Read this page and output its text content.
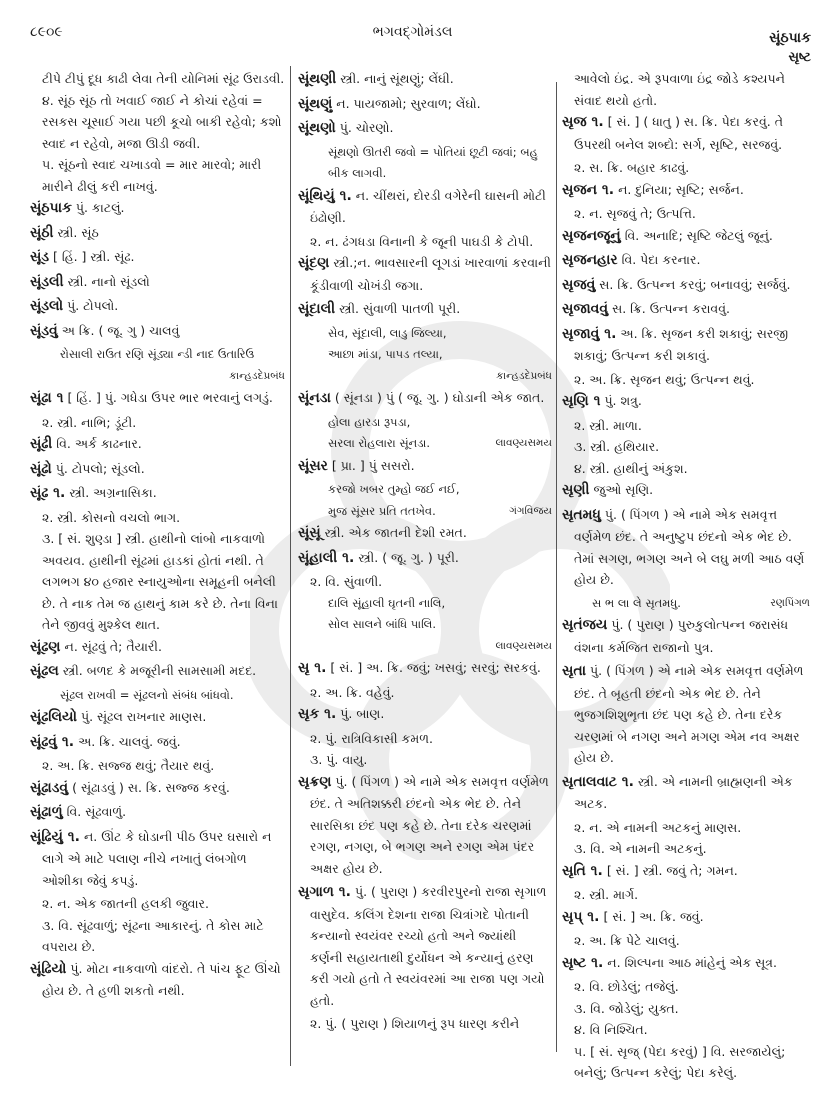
૮૯૦૯	ભગવદ્ગોમંડલ	સૂંઠપાક
સૃષ્ટ
ટીપે ટીપું દૂધ કાઢી લેવા તેની યોનિમાં સૂંઢ ઉરાડવી.
૪. સૂંઠ સૂંઠ તો ખવાઈ જાઈ ને કોચાં રહેવાં = રસકસ ચૂસાઈ ગયા પછી કૂચો બાકી રહેવો; કશો સ્વાદ ન રહેવો, મજા ઊડી જવી.
૫. સૂંઠનો સ્વાદ ચખાડવો = માર મારવો; મારી મારીને ઢીલું કરી નાખવું.
સૂંઠપાક પું. કાટલું.
સૂંઠી સ્ત્રી. સૂંઠ
સૂંડ [ હિં. ] સ્ત્રી. સૂંઢ.
સૂંડલી સ્ત્રી. નાનો સૂંડલો
સૂંડલો પું. ટોપલો.
સૂંડવું અ ક્રિ. ( જૂ. ગુ ) ચાલવું
રોસાલી રાઉત રણિ સૂંડ્યા ન્ડી નાદ ઉતારિઉ
કાન્હડદેપ્રબંધ
સૂંઢા ૧ [ હિં. ] પું. ગધેડા ઉપર ભાર ભરવાનું લગડું.
૨. સ્ત્રી. નાભિ; ડૂંટી.
સૂંઢી વિ. અર્ક કાઢનાર.
સૂંઢો પું. ટોપલો; સૂંડલો.
સૂંઢ ૧. સ્ત્રી. અગ્રનાસિકા.
૨. સ્ત્રી. કોસનો વચલો ભાગ.
૩. [ સં. શુણ્ડા ] સ્ત્રી. હાથીનો લાંબો નાકવાળો અવયવ. હાથીની સૂંઢમાં હાડકાં હોતાં નથી. તે લગભગ ૪૦ હજાર સ્નાયુઓના સમૂહની બનેલી છે. તે નાક તેમ જ હાથનું કામ કરે છે. તેના વિના તેને જીવવું મુશ્કેલ થાત.
સૂંઢણ ન. સૂંઢવું તે; તૈયારી.
સૂંઢલ સ્ત્રી. બળદ કે મજૂરીની સામસામી મદદ.
સૂંઢલ રાખવી = સૂંઢલનો સંબંધ બાંધવો.
સૂંઢલિયો પું. સૂંઢલ રાખનાર માણસ.
સૂંઢવું ૧. અ. ક્રિ. ચાલવું. જવું.
૨. અ. ક્રિ. સજ્જ થવું; તૈયાર થવું.
સૂંઢાડવું ( સૂંઢાડવું ) સ. ક્રિ. સજ્જ કરવું.
સૂંઢાળું વિ. સૂંઢવાળું.
સૂંઢિયું ૧. ન. ઊંટ કે ઘોડાની પીઠ ઉપર ઘસારો ન લાગે એ માટે પલાણ નીચે નખાતું લંબગોળ ઓશીકા જેવું કપડું.
૨. ન. એક જાતની હલકી જુવાર.
૩. વિ. સૂંઢવાળું; સૂંઢના આકારનું. તે કોસ માટે વપરાય છે.
સૂંઢિયો પું. મોટા નાકવાળો વાંદરો. તે પાંચ ફૂટ ઊંચો હોય છે. તે હળી શકતો નથી.
સૂંથણી સ્ત્રી. નાનું સૂંથણું; લેંઘી.
સૂંથણું ન. પાયજામો; સુરવાળ; લેંઘો.
સૂંથણો પું. ચોરણો.
સૂંથણો ઊતરી જવો = પોતિયાં છૂટી જવાં; બહુ બીક લાગવી.
સૂંથિયું ૧. ન. ચીંથરાં, દોરડી વગેરેની ઘાસની મોટી ઇંઢોણી.
૨. ન. ઢંગધડા વિનાની કે જૂની પાઘડી કે ટોપી.
સૂંદણ સ્ત્રી.;ન. ભાવસારની લૂગડાં ખારવાળાં કરવાની કૂંડીવાળી ચોખંડી જગા.
સૂંદાલી સ્ત્રી. સુંવાળી પાતળી પૂરી.
સેવ, સૂંદાલી, લાડુ જિલ્યા,
આછા માંડા, પાપડ તલ્યા,
કાન્હડદેપ્રબંધ
સૂંનડા ( સૂંનડા ) પું ( જૂ. ગુ. ) ઘોડાની એક જાત.
હોલા હારડા રૂપડા,
સરલા રોહલારા સૂંનડા.	લાવણ્યસમય
સૂંસર [ પ્રા. ] પું સસરો.
કરજો ખબર તુમ્હો જઈ નઈ,
મુજ સૂંસર પ્રતિ તતખેવ.	ગંગવિજય
સૂંસૂં સ્ત્રી. એક જાતની દેશી રમત.
સૂંહાલી ૧. સ્ત્રી. ( જૂ. ગુ. ) પૂરી.
૨. વિ. સુંવાળી.
દાલિ સૂંહાલી ઘૃતની નાલિ,
સોલ સાલને બાંધિ પાલિ.
લાવણ્યસમય
સૃ ૧. [ સં. ] અ. ક્રિ. જવું; ખસવું; સરવું; સરકવું.
૨. અ. ક્રિ. વહેવું.
સૃક ૧. પું. બાણ.
૨. પું. રાત્રિવિકાસી કમળ.
૩. પું. વાયુ.
સૃક્રણ પું. ( પિંગળ ) એ નામે એક સમવૃત્ત વર્ણમેળ છંદ. તે અતિશક્કરી છંદનો એક ભેદ છે. તેને સારસિકા છંદ પણ કહે છે. તેના દરેક ચરણમાં રગણ, નગણ, બે ભગણ અને રગણ એમ પંદર અક્ષર હોય છે.
સૃગાળ ૧. પું. ( પુરાણ ) કરવીરપુરનો રાજા સૃગાળ વાસુદેવ. કલિંગ દેશના રાજા ચિત્રાંગદે પોતાની કન્યાનો સ્વયંવર રચ્યો હતો અને જ્યાંથી કર્ણની સહાયતાથી દુર્યોધન એ કન્યાનું હરણ કરી ગયો હતો તે સ્વયંવરમાં આ રાજા પણ ગયો હતો.
૨. પું. ( પુરાણ ) શિયાળનું રૂપ ધારણ કરીને
આવેલો ઇંદ્ર. એ રૂપવાળા ઇંદ્ર જોડે કશ્યપને સંવાદ થયો હતો.
સૃજ ૧. [ સં. ] ( ધાતુ ) સ. ક્રિ. પેદા કરવું. તે ઉપરથી બનેલ શબ્દો: સર્ગ, સૃષ્ટિ, સરજવું.
૨. સ. ક્રિ. બહાર કાઢવું.
સૃજન ૧. ન. દુનિયા; સૃષ્ટિ; સર્જન.
૨. ન. સૃજવું તે; ઉત્પત્તિ.
સૃજનજૂનું વિ. અનાદિ; સૃષ્ટિ જેટલું જૂનું.
સૃજનહાર વિ. પેદા કરનાર.
સૃજવું સ. ક્રિ. ઉત્પન્ન કરવું; બનાવવું; સર્જવું.
સૃજાવવું સ. ક્રિ. ઉત્પન્ન કરાવવું.
સૃજાવું ૧. અ. ક્રિ. સૃજન કરી શકાવું; સરજી શકાવું; ઉત્પન્ન કરી શકાવું.
૨. અ. ક્રિ. સૃજન થવું; ઉત્પન્ન થવું.
સૃણિ ૧ પું. શત્રુ.
૨. સ્ત્રી. માળા.
૩. સ્ત્રી. હથિયાર.
૪. સ્ત્રી. હાથીનું અંકુશ.
સૃણી જુઓ સૃણિ.
સૃતમધુ પું. ( પિંગળ ) એ નામે એક સમવૃત્ત વર્ણમેળ છંદ. તે અનુષ્ટુપ છંદનો એક ભેદ છે. તેમાં સગણ, ભગણ અને બે લઘુ મળી આઠ વર્ણ હોય છે.
સ ભ લા લે સૃતમધુ.	રણપિંગળ
સૃતંજય પું. ( પુરાણ ) પુરુકુલોત્પન્ન જરાસંધ વંશના કર્મજિત રાજાનો પુત્ર.
સૃતા પું. ( પિંગળ ) એ નામે એક સમવૃત્ત વર્ણમેળ છંદ. તે બૃહતી છંદનો એક ભેદ છે. તેને ભુજગશિશુભૃતા છંદ પણ કહે છે. તેના દરેક ચરણમાં બે નગણ અને મગણ એમ નવ અક્ષર હોય છે.
સૃતાલવાટ ૧. સ્ત્રી. એ નામની બ્રાહ્મણની એક અટક.
૨. ન. એ નામની અટકનું માણસ.
૩. વિ. એ નામની અટકનું.
સૃતિ ૧. [ સં. ] સ્ત્રી. જવું તે; ગમન.
૨. સ્ત્રી. માર્ગ.
સૃપ્ ૧. [ સં. ] અ. ક્રિ. જવું.
૨. અ. ક્રિ પેટે ચાલવું.
સૃષ્ટ ૧. ન. શિલ્પના આઠ માંહેનું એક સૂત્ર.
૨. વિ. છોડેલું; તજેલું.
૩. વિ. જોડેલું; યુક્ત.
૪. વિ નિશ્ચિત.
૫. [ સં. સૃજ્ (પેદા કરવું) ] વિ. સરજાયેલું; બનેલું; ઉત્પન્ન કરેલું; પેદા કરેલું.
